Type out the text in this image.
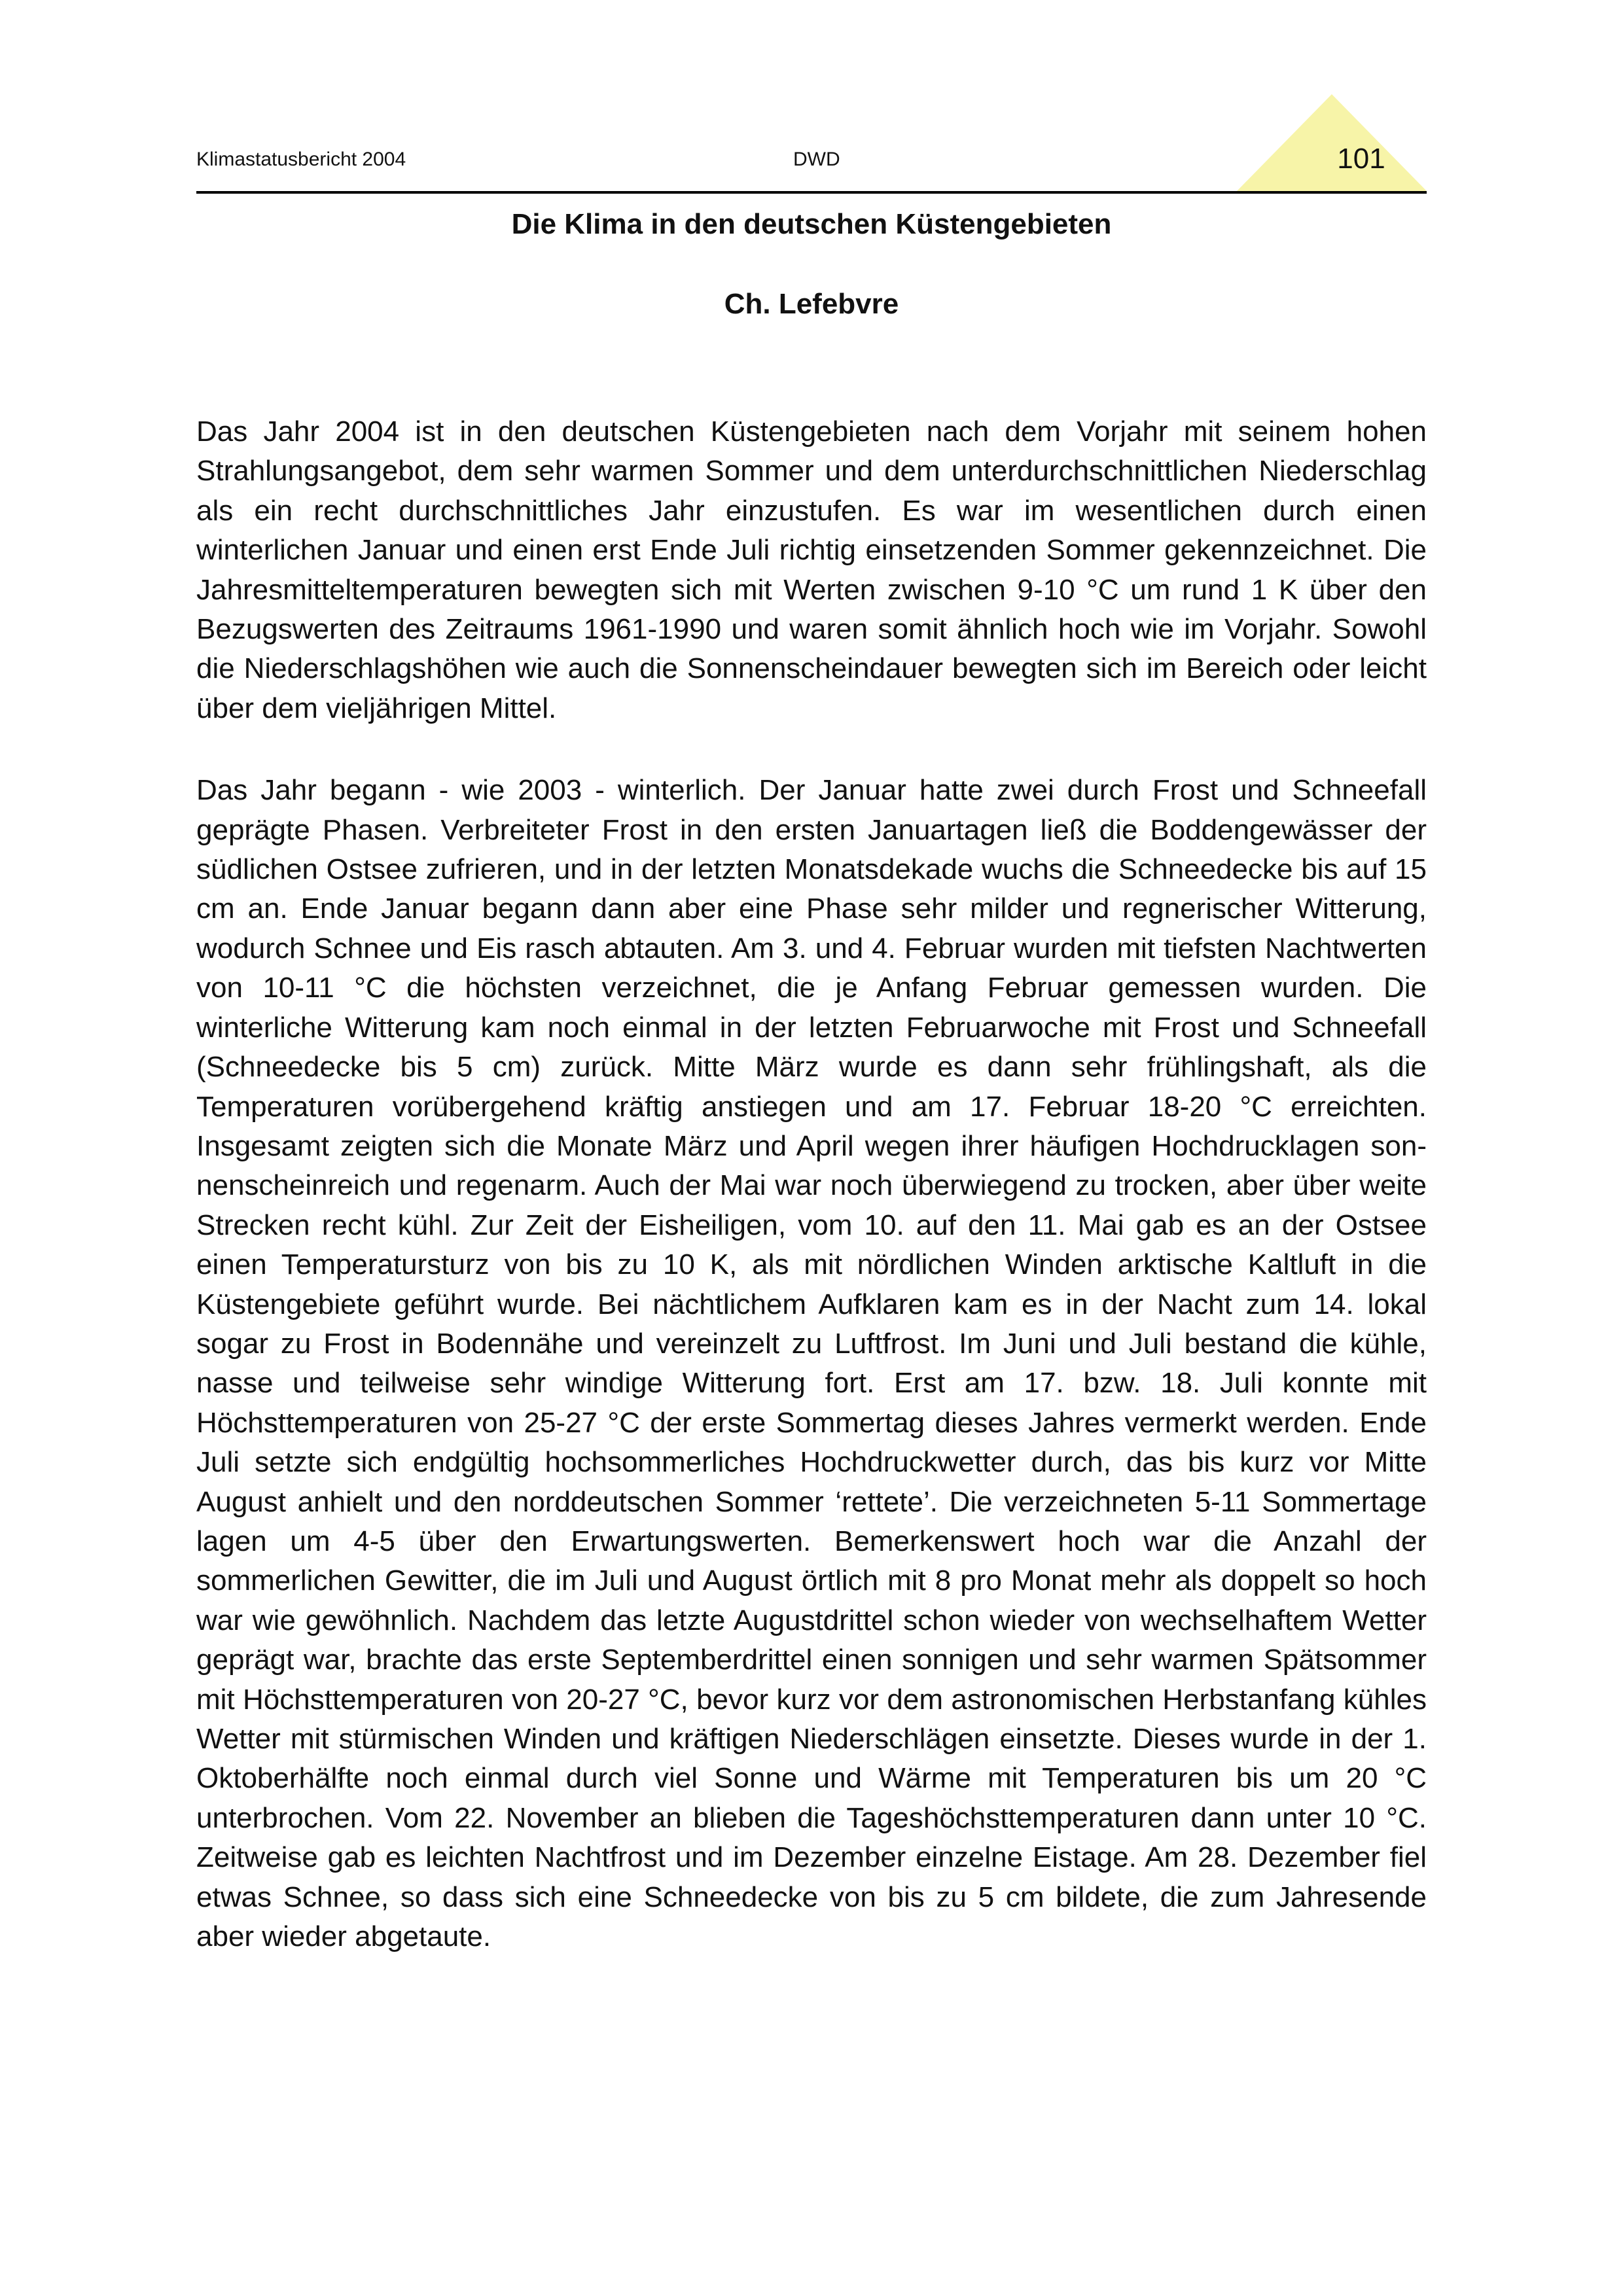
Klimastatusbericht 2004	DWD	101
Die Klima in den deutschen Küstengebieten
Ch. Lefebvre

Das Jahr 2004 ist in den deutschen Küstengebieten nach dem Vorjahr mit seinem hohen Strahlungsangebot, dem sehr warmen Sommer und dem unterdurchschnittlichen Niederschlag als ein recht durchschnittliches Jahr einzustufen. Es war im wesentlichen durch einen winterlichen Januar und einen erst Ende Juli richtig einsetzenden Sommer gekennzeichnet. Die Jahresmitteltemperaturen bewegten sich mit Werten zwischen 9-10 °C um rund 1 K über den Bezugswerten des Zeitraums 1961-1990 und waren somit ähnlich hoch wie im Vorjahr. Sowohl die Niederschlagshöhen wie auch die Sonnenscheindauer bewegten sich im Bereich oder leicht über dem vieljährigen Mittel.

Das Jahr begann - wie 2003 - winterlich. Der Januar hatte zwei durch Frost und Schneefall geprägte Phasen. Verbreiteter Frost in den ersten Januartagen ließ die Boddengewässer der südlichen Ostsee zufrieren, und in der letzten Monatsdekade wuchs die Schneedecke bis auf 15 cm an. Ende Januar begann dann aber eine Phase sehr milder und regnerischer Witterung, wodurch Schnee und Eis rasch abtauten. Am 3. und 4. Februar wurden mit tiefsten Nachtwerten von 10-11 °C die höchsten verzeichnet, die je Anfang Februar gemessen wurden. Die winterliche Witterung kam noch einmal in der letzten Februarwoche mit Frost und Schneefall (Schneedecke bis 5 cm) zurück. Mitte März wurde es dann sehr frühlingshaft, als die Temperaturen vorübergehend kräftig anstiegen und am 17. Februar 18-20 °C erreichten. Insgesamt zeigten sich die Monate März und April wegen ihrer häufigen Hochdrucklagen sonnenscheinreich und regenarm. Auch der Mai war noch überwiegend zu trocken, aber über weite Strecken recht kühl. Zur Zeit der Eisheiligen, vom 10. auf den 11. Mai gab es an der Ostsee einen Temperatursturz von bis zu 10 K, als mit nördlichen Winden arktische Kaltluft in die Küstengebiete geführt wurde. Bei nächtlichem Aufklaren kam es in der Nacht zum 14. lokal sogar zu Frost in Bodennähe und vereinzelt zu Luftfrost. Im Juni und Juli bestand die kühle, nasse und teilweise sehr windige Witterung fort. Erst am 17. bzw. 18. Juli konnte mit Höchsttemperaturen von 25-27 °C der erste Sommertag dieses Jahres vermerkt werden. Ende Juli setzte sich endgültig hochsommerliches Hochdruckwetter durch, das bis kurz vor Mitte August anhielt und den norddeutschen Sommer ‘rettete’. Die verzeichneten 5-11 Sommertage lagen um 4-5 über den Erwartungswerten. Bemerkenswert hoch war die Anzahl der sommerlichen Gewitter, die im Juli und August örtlich mit 8 pro Monat mehr als doppelt so hoch war wie gewöhnlich. Nachdem das letzte Augustdrittel schon wieder von wechselhaftem Wetter geprägt war, brachte das erste Septemberdrittel einen sonnigen und sehr warmen Spätsommer mit Höchsttemperaturen von 20-27 °C, bevor kurz vor dem astronomischen Herbstanfang kühles Wetter mit stürmischen Winden und kräftigen Niederschlägen einsetzte. Dieses wurde in der 1. Oktoberhälfte noch einmal durch viel Sonne und Wärme mit Temperaturen bis um 20 °C unterbrochen. Vom 22. November an blieben die Tageshöchsttemperaturen dann unter 10 °C. Zeitweise gab es leichten Nachtfrost und im Dezember einzelne Eistage. Am 28. Dezember fiel etwas Schnee, so dass sich eine Schneedecke von bis zu 5 cm bildete, die zum Jahresende aber wieder abgetaute.
